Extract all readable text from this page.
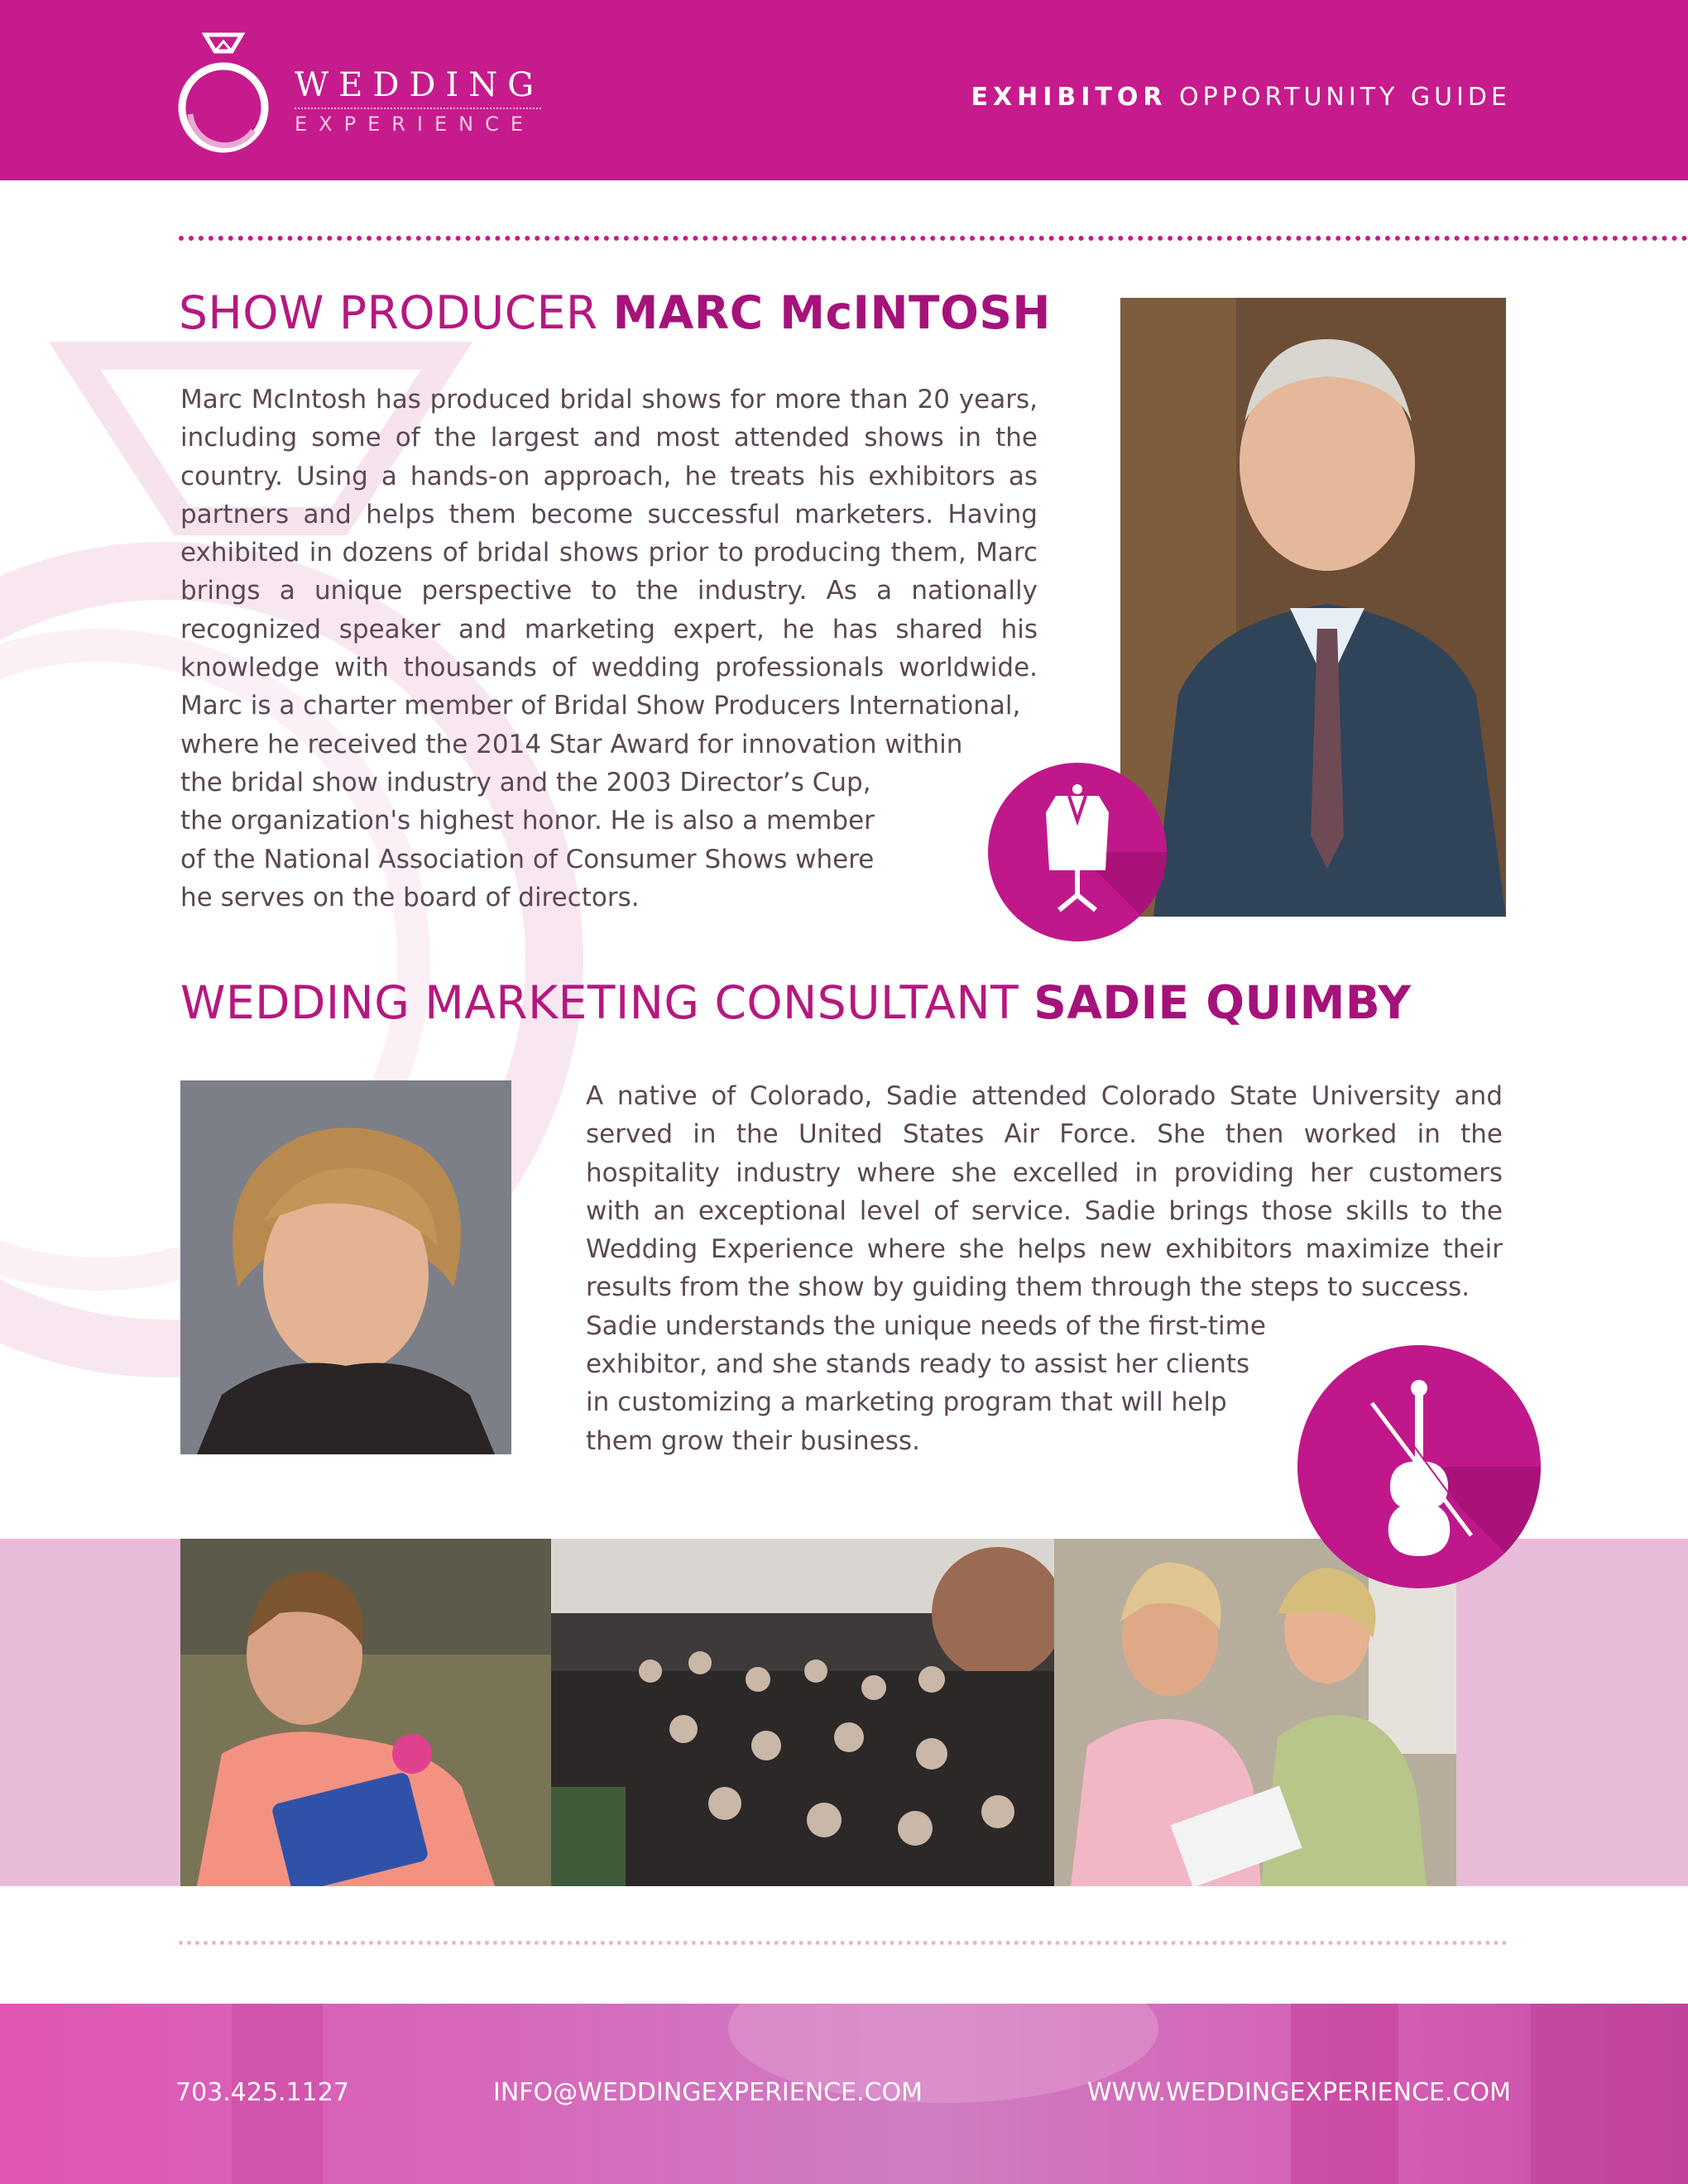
WEDDING
EXPERIENCE
EXHIBITOR OPPORTUNITY GUIDE
SHOW PRODUCER MARC McINTOSH
Marc McIntosh has produced bridal shows for more than 20 years, including some of the largest and most attended shows in the country. Using a hands-on approach, he treats his exhibitors as partners and helps them become successful marketers. Having exhibited in dozens of bridal shows prior to producing them, Marc brings a unique perspective to the industry. As a nationally recognized speaker and marketing expert, he has shared his knowledge with thousands of wedding professionals worldwide. Marc is a charter member of Bridal Show Producers International,
where he received the 2014 Star Award for innovation within
the bridal show industry and the 2003 Director’s Cup,
the organization's highest honor. He is also a member
of the National Association of Consumer Shows where
he serves on the board of directors.
WEDDING MARKETING CONSULTANT SADIE QUIMBY
A native of Colorado, Sadie attended Colorado State University and served in the United States Air Force. She then worked in the hospitality industry where she excelled in providing her customers with an exceptional level of service. Sadie brings those skills to the Wedding Experience where she helps new exhibitors maximize their results from the show by guiding them through the steps to success.
Sadie understands the unique needs of the first-time
exhibitor, and she stands ready to assist her clients
in customizing a marketing program that will help
them grow their business.
703.425.1127	INFO@WEDDINGEXPERIENCE.COM	WWW.WEDDINGEXPERIENCE.COM
